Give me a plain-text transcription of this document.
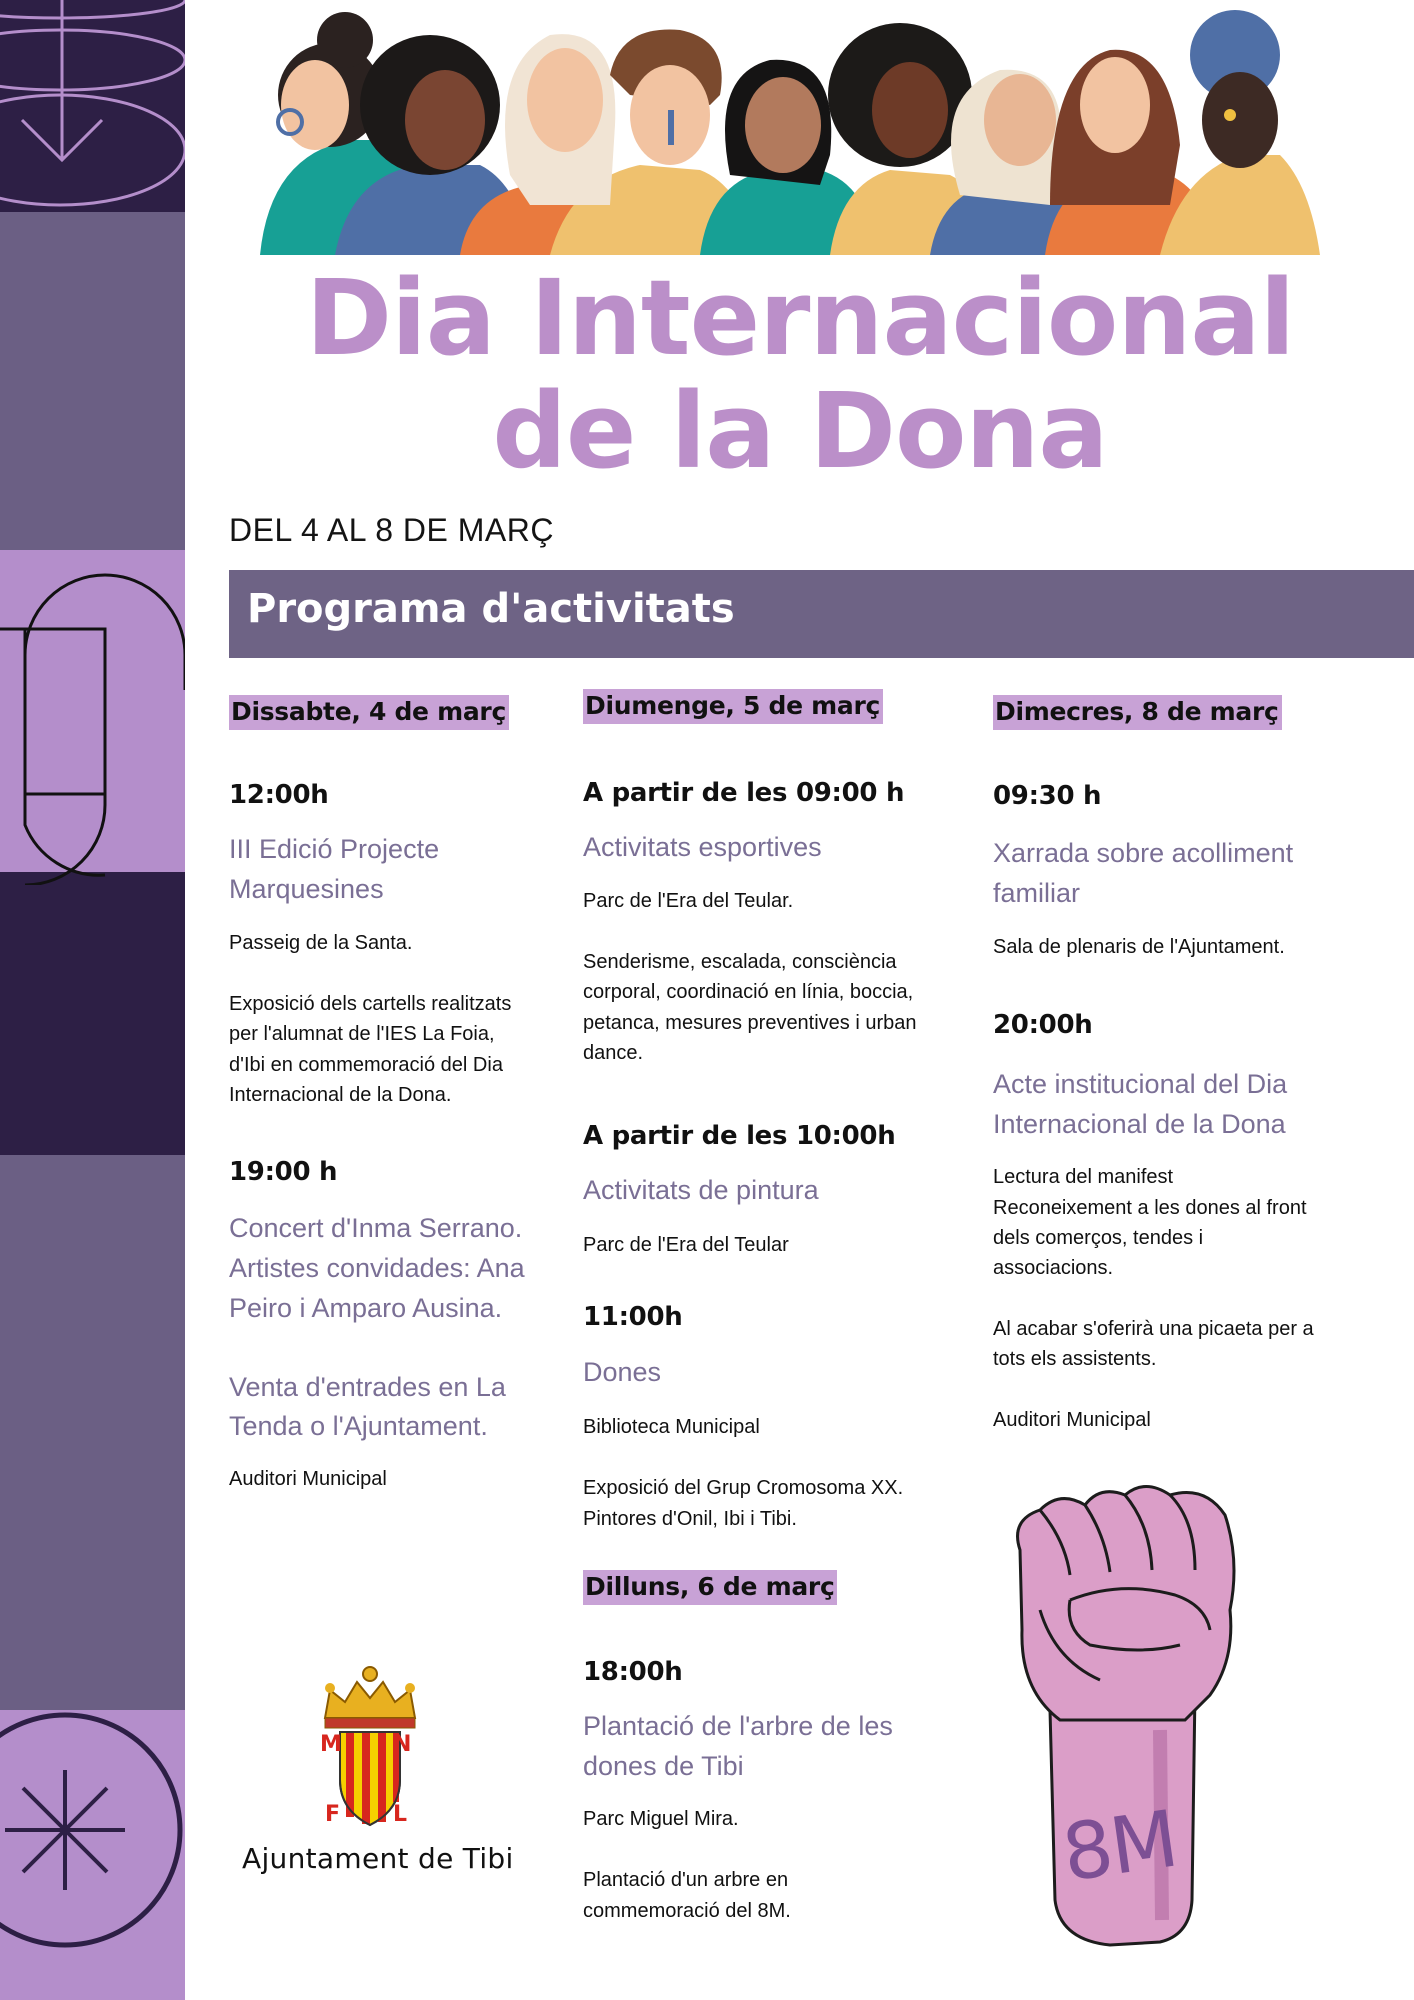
Dia Internacional
de la Dona
DEL 4 AL 8 DE MARÇ
Programa d'activitats
Dissabte, 4 de març
12:00h
III Edició Projecte
Marquesines
Passeig de la Santa.
Exposició dels cartells realitzats
per l'alumnat de l'IES La Foia,
d'Ibi en commemoració del Dia
Internacional de la Dona.
19:00 h
Concert d'Inma Serrano.
Artistes convidades: Ana
Peiro i Amparo Ausina.
Venta d'entrades en La
Tenda o l'Ajuntament.
Auditori Municipal
Diumenge, 5 de març
A partir de les 09:00 h
Activitats esportives
Parc de l'Era del Teular.
Senderisme, escalada, consciència
corporal, coordinació en línia, boccia,
petanca, mesures preventives i urban
dance.
A partir de les 10:00h
Activitats de pintura
Parc de l'Era del Teular
11:00h
Dones
Biblioteca Municipal
Exposició del Grup Cromosoma XX.
Pintores d'Onil, Ibi i Tibi.
Dilluns, 6 de març
18:00h
Plantació de l'arbre de les
dones de Tibi
Parc Miguel Mira.
Plantació d'un arbre en
commemoració del 8M.
Dimecres, 8 de març
09:30 h
Xarrada sobre acolliment
familiar
Sala de plenaris de l'Ajuntament.
20:00h
Acte institucional del Dia
Internacional de la Dona
Lectura del manifest
Reconeixement a les dones al front
dels comerços, tendes i
associacions.
Al acabar s'oferirà una picaeta per a
tots els assistents.
Auditori Municipal
M N
F L
Ajuntament de Tibi	8M
